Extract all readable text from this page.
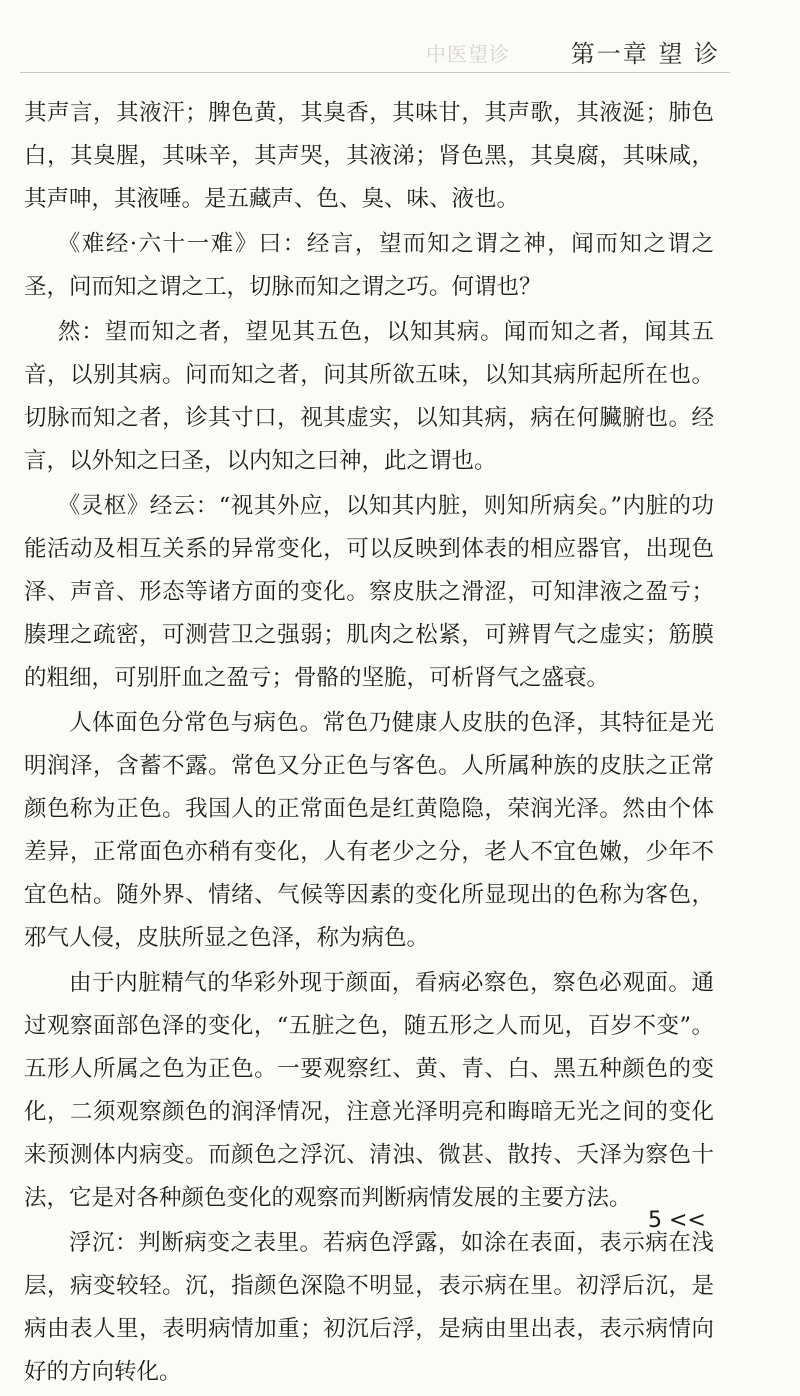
中医望诊	第一章 望 诊

其声言，其液汗；脾色黄，其臭香，其味甘，其声歌，其液涎；肺色白，其臭腥，其味辛，其声哭，其液涕；肾色黑，其臭腐，其味咸，其声呻，其液唾。是五藏声、色、臭、味、液也。

《难经·六十一难》曰：经言，望而知之谓之神，闻而知之谓之圣，问而知之谓之工，切脉而知之谓之巧。何谓也？

然：望而知之者，望见其五色，以知其病。闻而知之者，闻其五音，以别其病。问而知之者，问其所欲五味，以知其病所起所在也。切脉而知之者，诊其寸口，视其虚实，以知其病，病在何臟腑也。经言，以外知之曰圣，以内知之曰神，此之谓也。

《灵枢》经云：“视其外应，以知其内脏，则知所病矣。”内脏的功能活动及相互关系的异常变化，可以反映到体表的相应器官，出现色泽、声音、形态等诸方面的变化。察皮肤之滑涩，可知津液之盈亏；腠理之疏密，可测营卫之强弱；肌肉之松紧，可辨胃气之虚实；筋膜的粗细，可别肝血之盈亏；骨骼的坚脆，可析肾气之盛衰。

人体面色分常色与病色。常色乃健康人皮肤的色泽，其特征是光明润泽，含蓄不露。常色又分正色与客色。人所属种族的皮肤之正常颜色称为正色。我国人的正常面色是红黄隐隐，荣润光泽。然由个体差异，正常面色亦稍有变化，人有老少之分，老人不宜色嫩，少年不宜色枯。随外界、情绪、气候等因素的变化所显现出的色称为客色，邪气人侵，皮肤所显之色泽，称为病色。

由于内脏精气的华彩外现于颜面，看病必察色，察色必观面。通过观察面部色泽的变化，“五脏之色，随五形之人而见，百岁不变”。五形人所属之色为正色。一要观察红、黄、青、白、黑五种颜色的变化，二须观察颜色的润泽情况，注意光泽明亮和晦暗无光之间的变化来预测体内病变。而颜色之浮沉、清浊、微甚、散抟、夭泽为察色十法，它是对各种颜色变化的观察而判断病情发展的主要方法。

浮沉：判断病变之表里。若病色浮露，如涂在表面，表示病在浅层，病变较轻。沉，指颜色深隐不明显，表示病在里。初浮后沉，是病由表人里，表明病情加重；初沉后浮，是病由里出表，表示病情向好的方向转化。

5 <<
